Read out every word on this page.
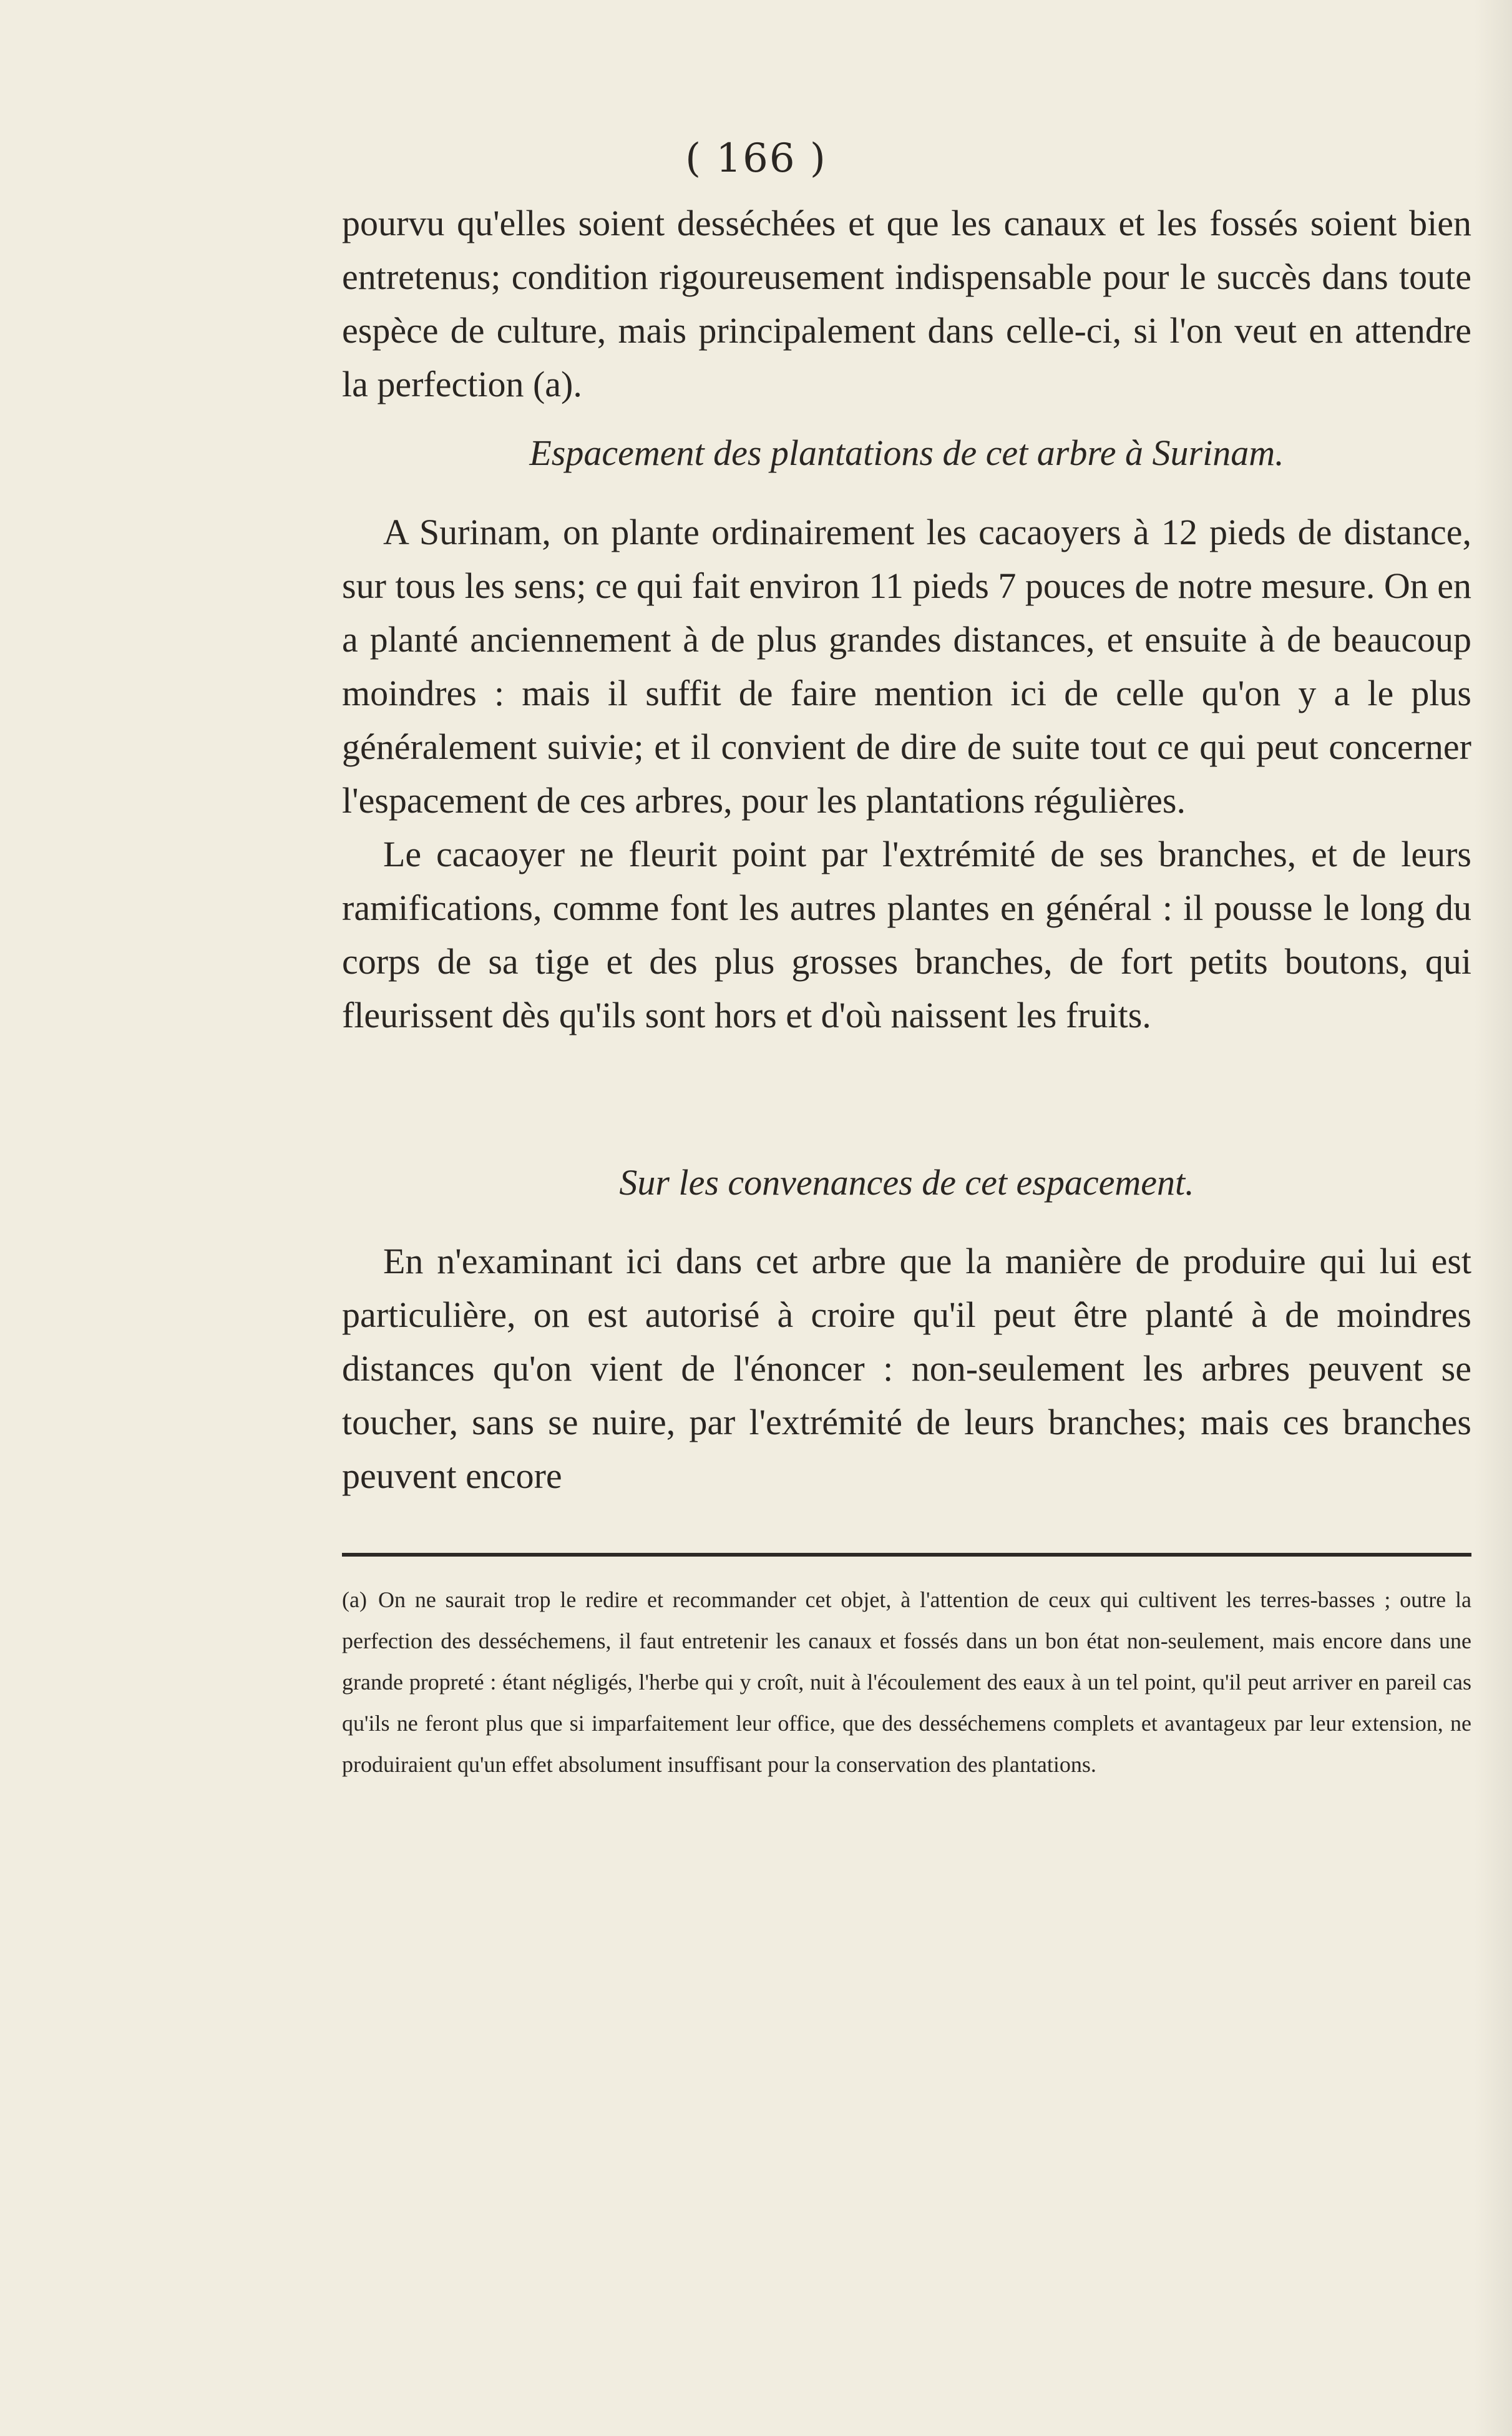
( 166 )

pourvu qu'elles soient desséchées et que les canaux et les fossés soient bien entretenus; condition rigoureusement indispensable pour le succès dans toute espèce de culture, mais principalement dans celle-ci, si l'on veut en attendre la perfection (a).

Espacement des plantations de cet arbre à Surinam.

A Surinam, on plante ordinairement les cacaoyers à 12 pieds de distance, sur tous les sens; ce qui fait environ 11 pieds 7 pouces de notre mesure. On en a planté anciennement à de plus grandes distances, et ensuite à de beaucoup moindres : mais il suffit de faire mention ici de celle qu'on y a le plus généralement suivie; et il convient de dire de suite tout ce qui peut concerner l'espacement de ces arbres, pour les plantations régulières.

Le cacaoyer ne fleurit point par l'extrémité de ses branches, et de leurs ramifications, comme font les autres plantes en général : il pousse le long du corps de sa tige et des plus grosses branches, de fort petits boutons, qui fleurissent dès qu'ils sont hors et d'où naissent les fruits.

Sur les convenances de cet espacement.

En n'examinant ici dans cet arbre que la manière de produire qui lui est particulière, on est autorisé à croire qu'il peut être planté à de moindres distances qu'on vient de l'énoncer : non-seulement les arbres peuvent se toucher, sans se nuire, par l'extrémité de leurs branches; mais ces branches peuvent encore

(a) On ne saurait trop le redire et recommander cet objet, à l'attention de ceux qui cultivent les terres-basses ; outre la perfection des desséchemens, il faut entretenir les canaux et fossés dans un bon état non-seulement, mais encore dans une grande propreté : étant négligés, l'herbe qui y croît, nuit à l'écoulement des eaux à un tel point, qu'il peut arriver en pareil cas qu'ils ne feront plus que si imparfaitement leur office, que des desséchemens complets et avantageux par leur extension, ne produiraient qu'un effet absolument insuffisant pour la conservation des plantations.
